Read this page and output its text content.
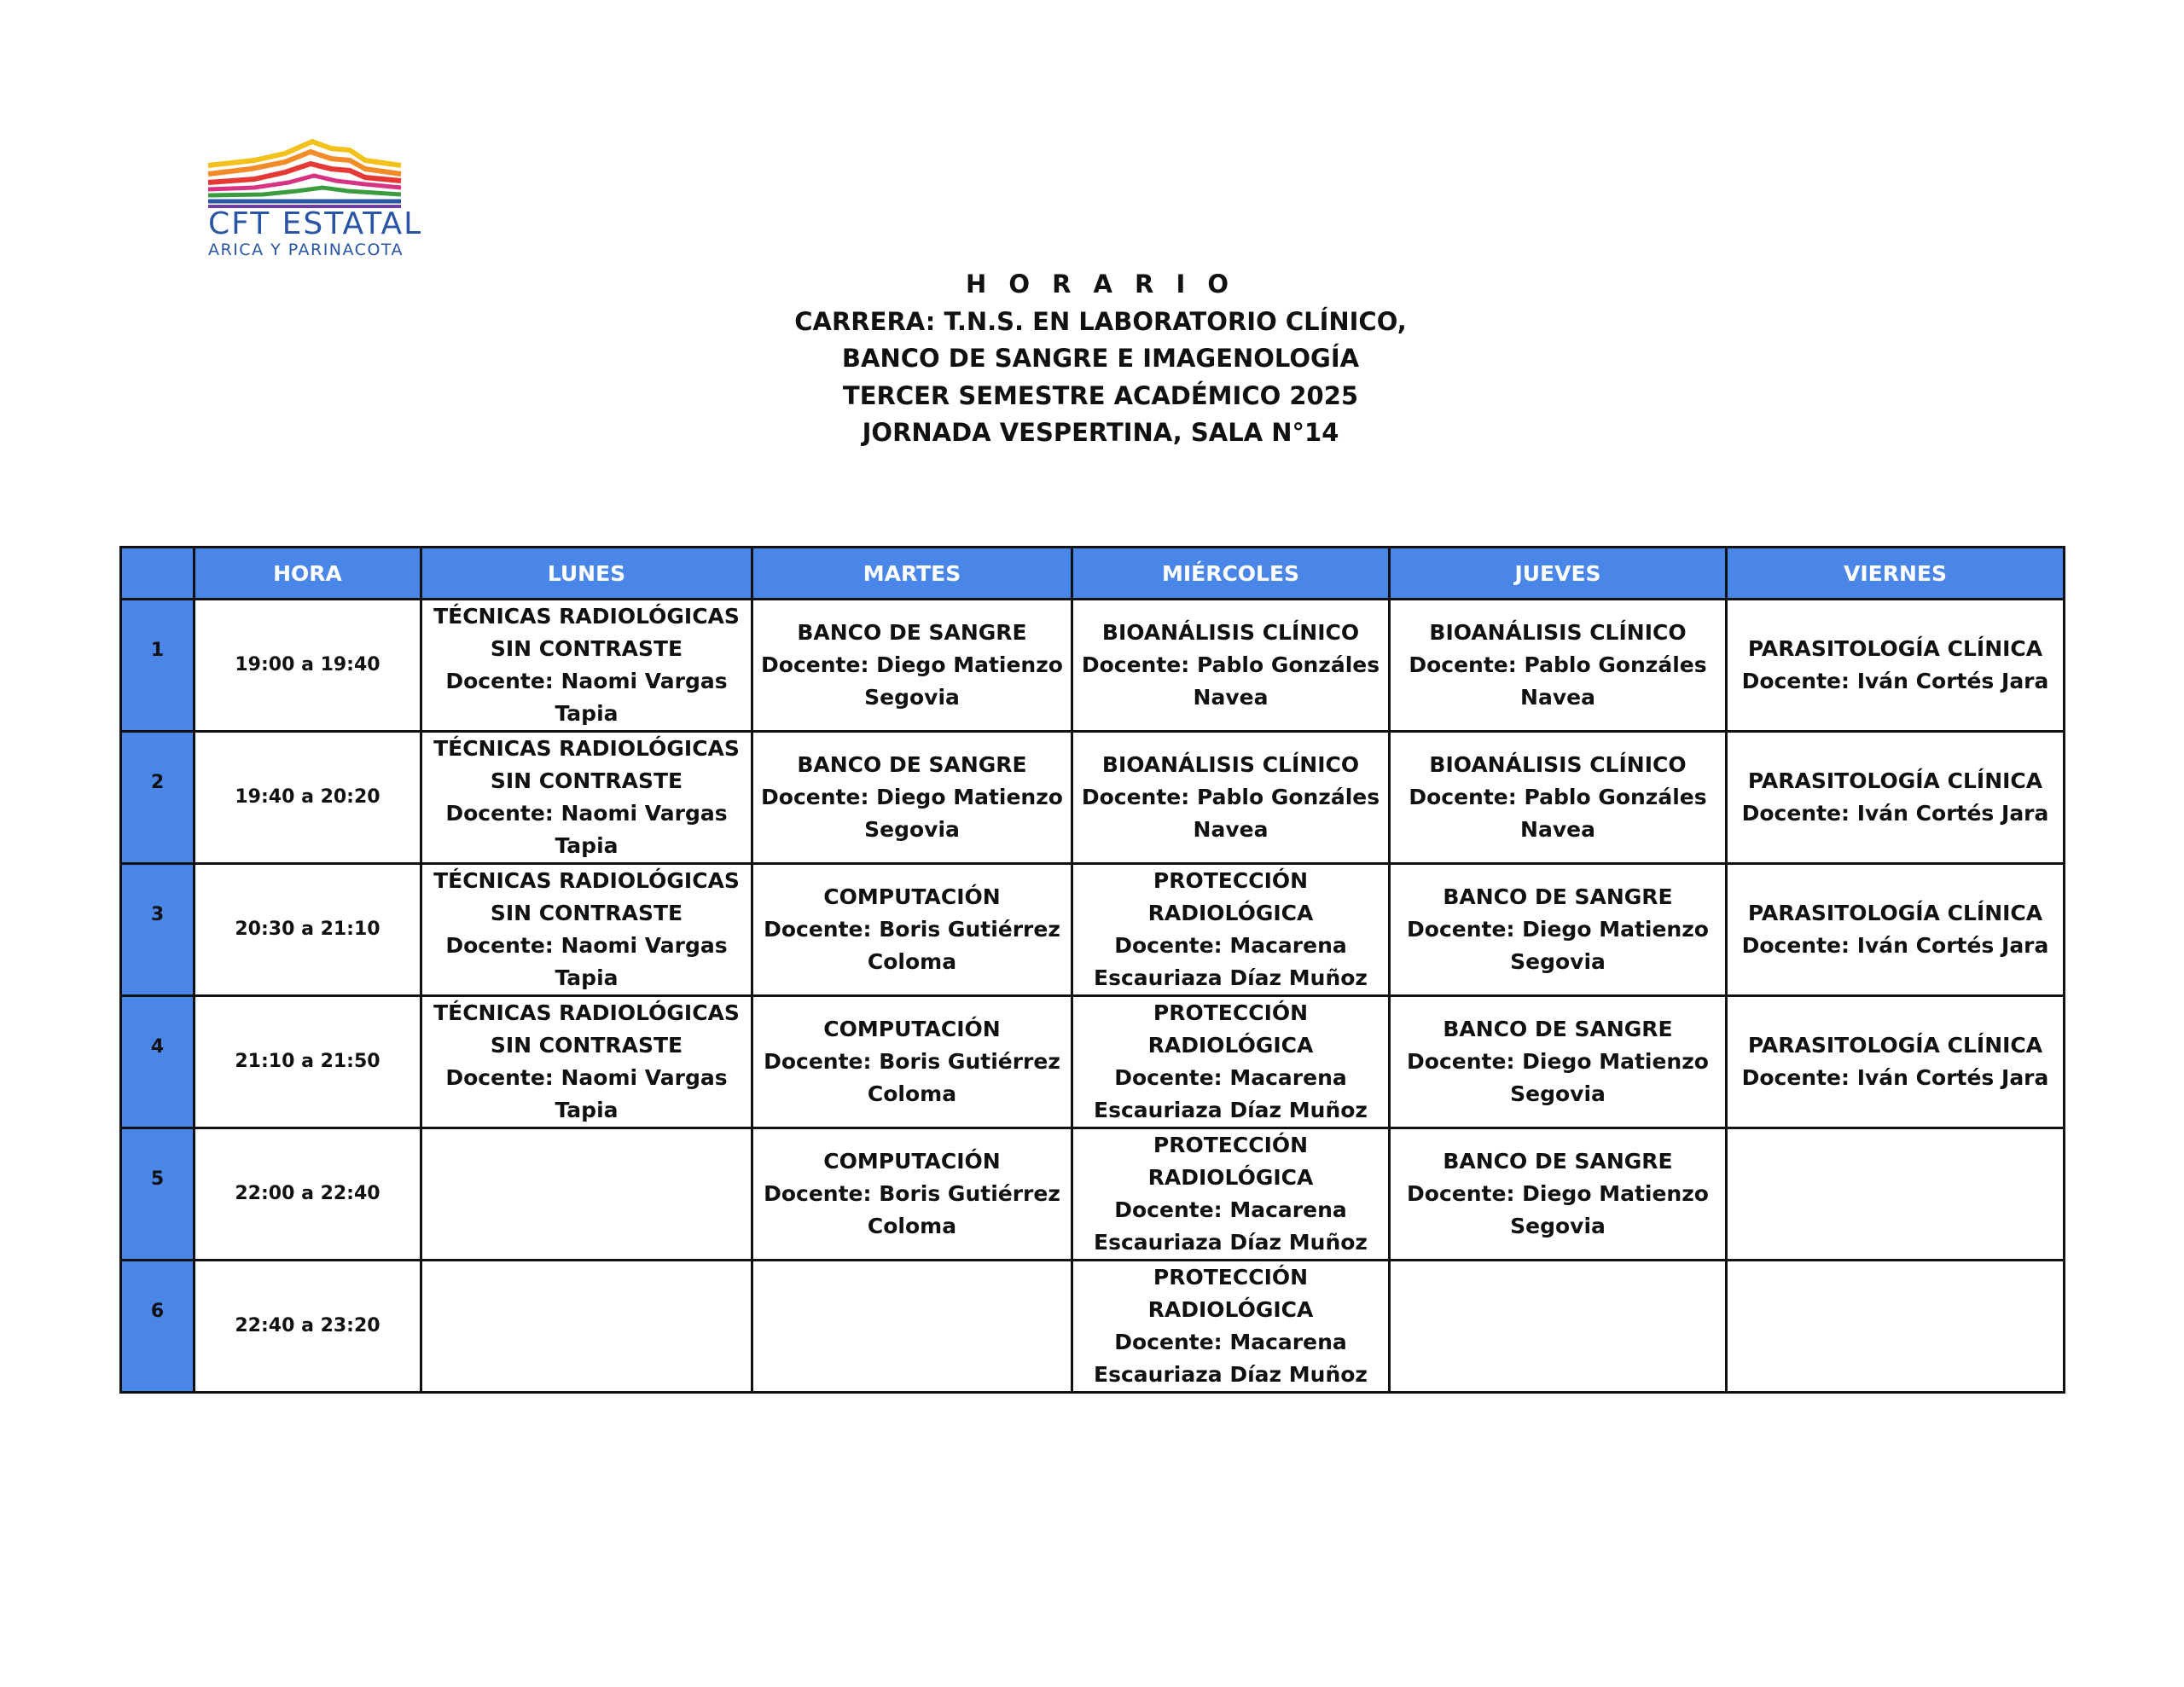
CFT ESTATAL
ARICA Y PARINACOTA
H O R A R I O
CARRERA: T.N.S. EN LABORATORIO CLÍNICO,
BANCO DE SANGRE E IMAGENOLOGÍA
TERCER SEMESTRE ACADÉMICO 2025
JORNADA VESPERTINA, SALA N°14
	HORA	LUNES	MARTES	MIÉRCOLES	JUEVES	VIERNES
1	19:00 a 19:40	TÉCNICAS RADIOLÓGICAS
SIN CONTRASTE
Docente: Naomi Vargas
Tapia	BANCO DE SANGRE
Docente: Diego Matienzo
Segovia	BIOANÁLISIS CLÍNICO
Docente: Pablo Gonzáles
Navea	BIOANÁLISIS CLÍNICO
Docente: Pablo Gonzáles
Navea	PARASITOLOGÍA CLÍNICA
Docente: Iván Cortés Jara

2	19:40 a 20:20	TÉCNICAS RADIOLÓGICAS
SIN CONTRASTE
Docente: Naomi Vargas
Tapia	BANCO DE SANGRE
Docente: Diego Matienzo
Segovia	BIOANÁLISIS CLÍNICO
Docente: Pablo Gonzáles
Navea	BIOANÁLISIS CLÍNICO
Docente: Pablo Gonzáles
Navea	PARASITOLOGÍA CLÍNICA
Docente: Iván Cortés Jara

3	20:30 a 21:10	TÉCNICAS RADIOLÓGICAS
SIN CONTRASTE
Docente: Naomi Vargas
Tapia	COMPUTACIÓN
Docente: Boris Gutiérrez
Coloma	PROTECCIÓN
RADIOLÓGICA
Docente: Macarena
Escauriaza Díaz Muñoz	BANCO DE SANGRE
Docente: Diego Matienzo
Segovia	PARASITOLOGÍA CLÍNICA
Docente: Iván Cortés Jara

4	21:10 a 21:50	TÉCNICAS RADIOLÓGICAS
SIN CONTRASTE
Docente: Naomi Vargas
Tapia	COMPUTACIÓN
Docente: Boris Gutiérrez
Coloma	PROTECCIÓN
RADIOLÓGICA
Docente: Macarena
Escauriaza Díaz Muñoz	BANCO DE SANGRE
Docente: Diego Matienzo
Segovia	PARASITOLOGÍA CLÍNICA
Docente: Iván Cortés Jara

5	22:00 a 22:40		COMPUTACIÓN
Docente: Boris Gutiérrez
Coloma	PROTECCIÓN
RADIOLÓGICA
Docente: Macarena
Escauriaza Díaz Muñoz	BANCO DE SANGRE
Docente: Diego Matienzo
Segovia	

6	22:40 a 23:20			PROTECCIÓN
RADIOLÓGICA
Docente: Macarena
Escauriaza Díaz Muñoz		
